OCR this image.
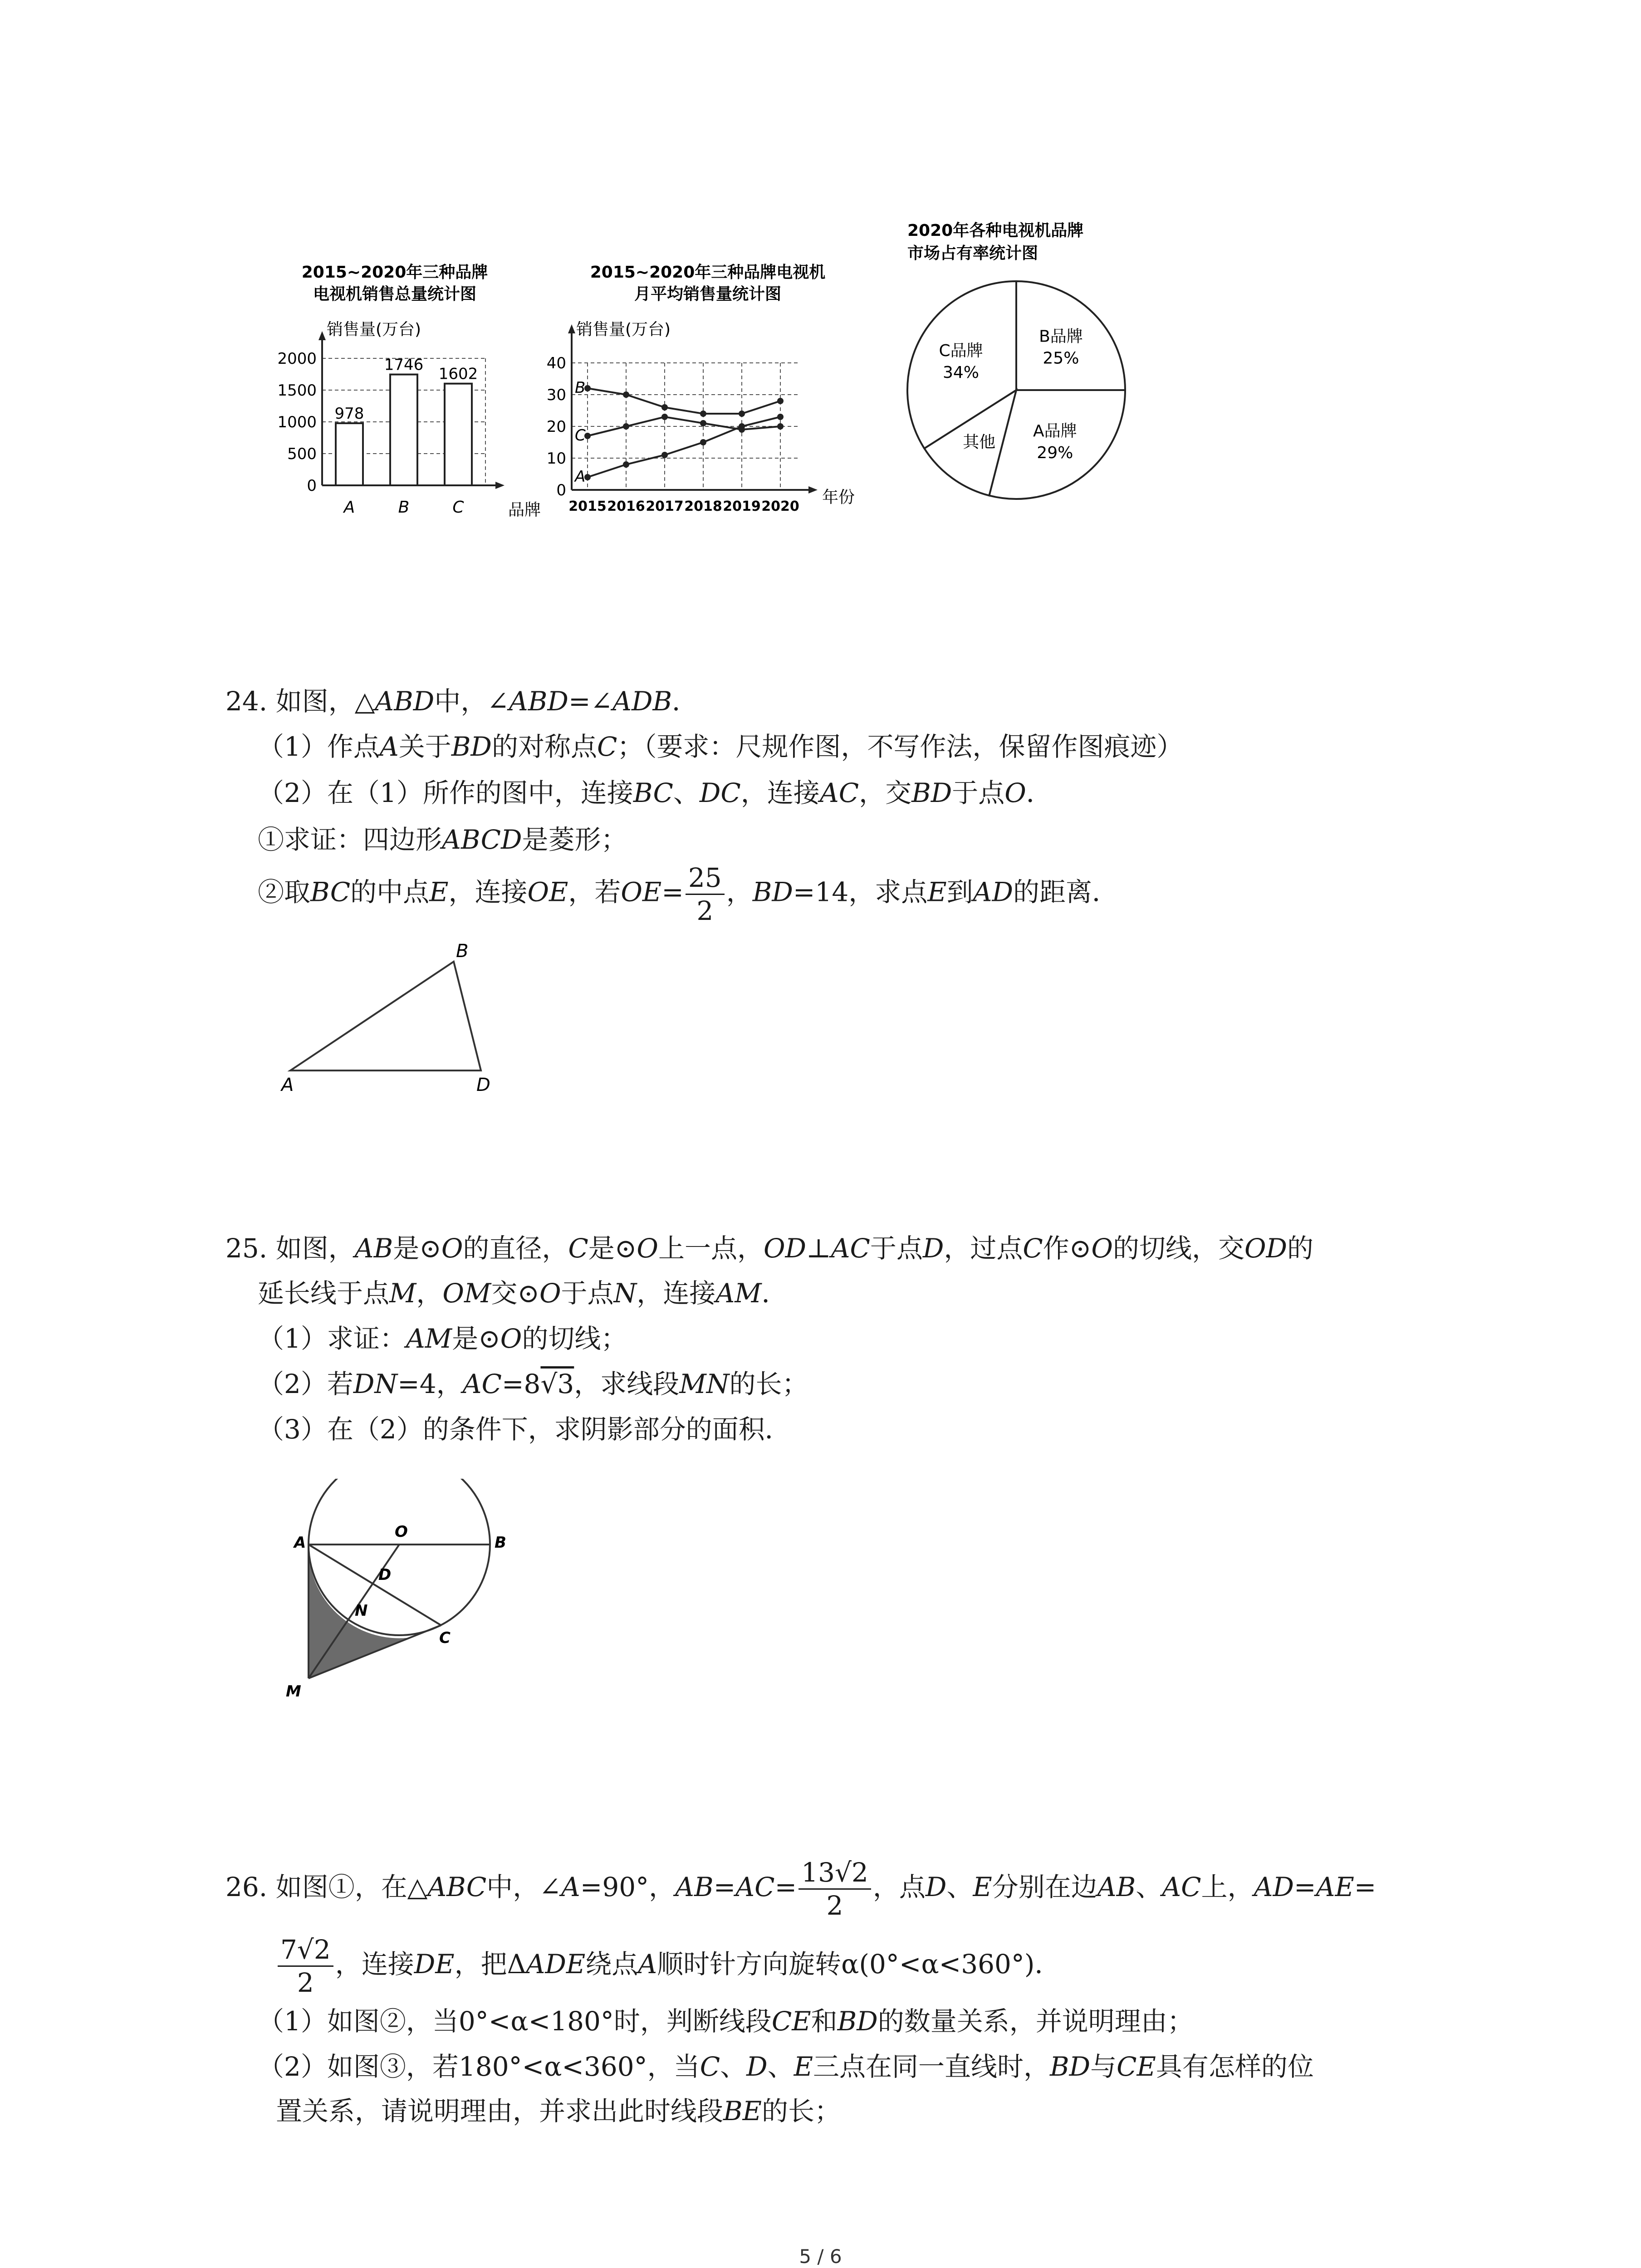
2015~2020年三种品牌
电视机销售总量统计图
销售量(万台)
品牌
0
500
1000
1500
2000
978
A
1746
B
1602
C
2015~2020年三种品牌电视机
月平均销售量统计图
销售量(万台)
年份
0
10
20
30
40
2015 2016 2017 2018 2019 2020
A
B
C
2020年各种电视机品牌
市场占有率统计图
B品牌
25%
A品牌
29%
其他
C品牌
34%
24. 如图，△ABD中，∠ABD=∠ADB．
（1）作点A关于BD的对称点C；（要求：尺规作图，不写作法，保留作图痕迹）
（2）在（1）所作的图中，连接BC、DC，连接AC，交BD于点O．
①求证：四边形ABCD是菱形；
②取BC的中点E，连接OE，若$OE= \frac{25}{2}$ ，BD=14，求点E到AD的距离．
A
B
D
25. 如图，AB是⊙O的直径，C是⊙O上一点，OD⊥AC于点D，过点C作⊙O的切线，交OD的
延长线于点M，OM交⊙O于点N，连接AM．
（1）求证：AM是⊙O的切线；
（2）若DN=4，AC=8√3，求线段MN的长；
（3）在（2）的条件下，求阴影部分的面积．
A
O
B
D
N
C
M
26. 如图①，在△ABC中，∠A=90°，$AB=AC= \frac{13√2}{2}$ ，点D、E分别在边AB、AC上，AD=AE=
$\frac{7√2}{2}$ ，连接DE，把ΔADE绕点A顺时针方向旋转α(0°<α<360°)．
（1）如图②，当0°<α<180°时，判断线段CE和BD的数量关系，并说明理由；
（2）如图③，若180°<α<360°，当C、D、E三点在同一直线时，BD与CE具有怎样的位
置关系，请说明理由，并求出此时线段BE的长；
5 / 6
